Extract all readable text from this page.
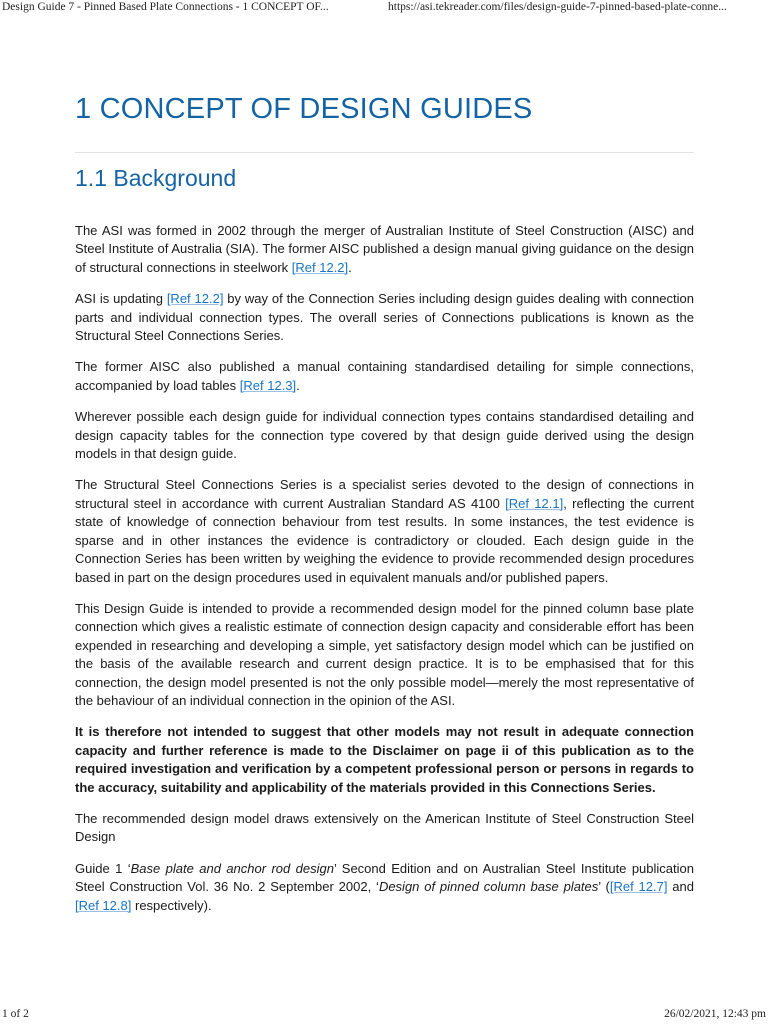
Design Guide 7 - Pinned Based Plate Connections - 1 CONCEPT OF...	https://asi.tekreader.com/files/design-guide-7-pinned-based-plate-conne...
1 CONCEPT OF DESIGN GUIDES
1.1 Background

The ASI was formed in 2002 through the merger of Australian Institute of Steel Construction (AISC) and Steel Institute of Australia (SIA). The former AISC published a design manual giving guidance on the design of structural connections in steelwork [Ref 12.2].

ASI is updating [Ref 12.2] by way of the Connection Series including design guides dealing with connection parts and individual connection types. The overall series of Connections publications is known as the Structural Steel Connections Series.

The former AISC also published a manual containing standardised detailing for simple connections, accompanied by load tables [Ref 12.3].

Wherever possible each design guide for individual connection types contains standardised detailing and design capacity tables for the connection type covered by that design guide derived using the design models in that design guide.

The Structural Steel Connections Series is a specialist series devoted to the design of connections in structural steel in accordance with current Australian Standard AS 4100 [Ref 12.1], reflecting the current state of knowledge of connection behaviour from test results. In some instances, the test evidence is sparse and in other instances the evidence is contradictory or clouded. Each design guide in the Connection Series has been written by weighing the evidence to provide recommended design procedures based in part on the design procedures used in equivalent manuals and/or published papers.

This Design Guide is intended to provide a recommended design model for the pinned column base plate connection which gives a realistic estimate of connection design capacity and considerable effort has been expended in researching and developing a simple, yet satisfactory design model which can be justified on the basis of the available research and current design practice. It is to be emphasised that for this connection, the design model presented is not the only possible model—merely the most representative of the behaviour of an individual connection in the opinion of the ASI.

It is therefore not intended to suggest that other models may not result in adequate connection capacity and further reference is made to the Disclaimer on page ii of this publication as to the required investigation and verification by a competent professional person or persons in regards to the accuracy, suitability and applicability of the materials provided in this Connections Series.

The recommended design model draws extensively on the American Institute of Steel Construction Steel Design

Guide 1 ‘Base plate and anchor rod design’ Second Edition and on Australian Steel Institute publication Steel Construction Vol. 36 No. 2 September 2002, ‘Design of pinned column base plates’ ([Ref 12.7] and [Ref 12.8] respectively).

1 of 2	26/02/2021, 12:43 pm
